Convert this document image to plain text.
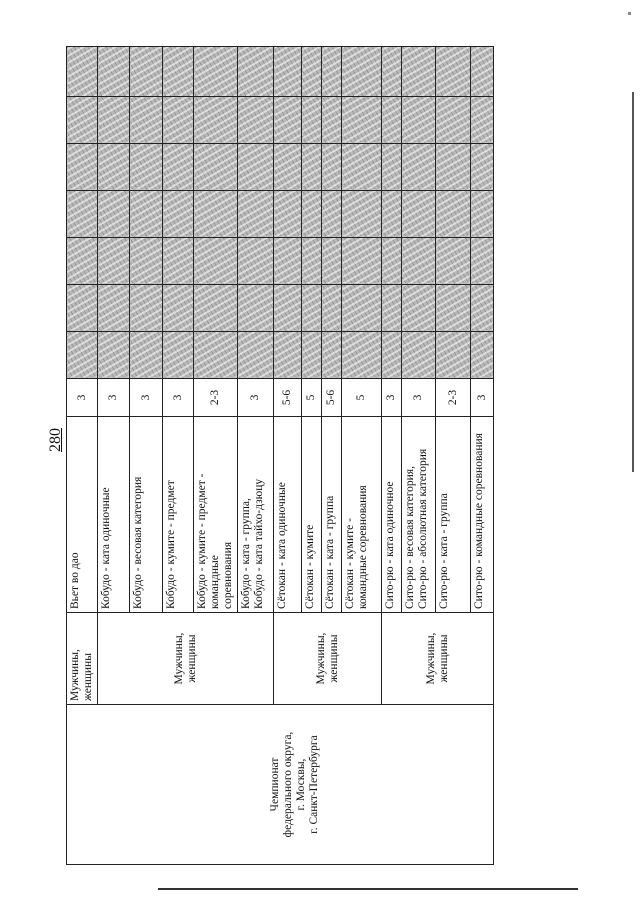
280
	Мужчины, женщины	Вьет во дао	3							

Чемпионат федерального округа, г. Москвы, г. Санкт-Петербурга	Мужчины, женщины	Кобудо - ката одиночные	3							

		Кобудо - весовая категория	3							

		Кобудо - кумите - предмет	3							

		Кобудо - кумите - предмет - командные соревнования	2-3							

		Кобудо - ката - группа, Кобудо - ката тайхо-дзюцу	3							
	Мужчины, женщины	Сётокан - ката одиночные	5-6							

		Сётокан - кумите	5							

		Сётокан - ката - группа	5-6							

		Сётокан - кумите - командные соревнования	5							
	Мужчины, женщины	Сито-рю - ката одиночное	3							

		Сито-рю - весовая категория, Сито-рю - абсолютная категория	3							

		Сито-рю - ката - группа	2-3							

		Сито-рю - командные соревнования	3							
